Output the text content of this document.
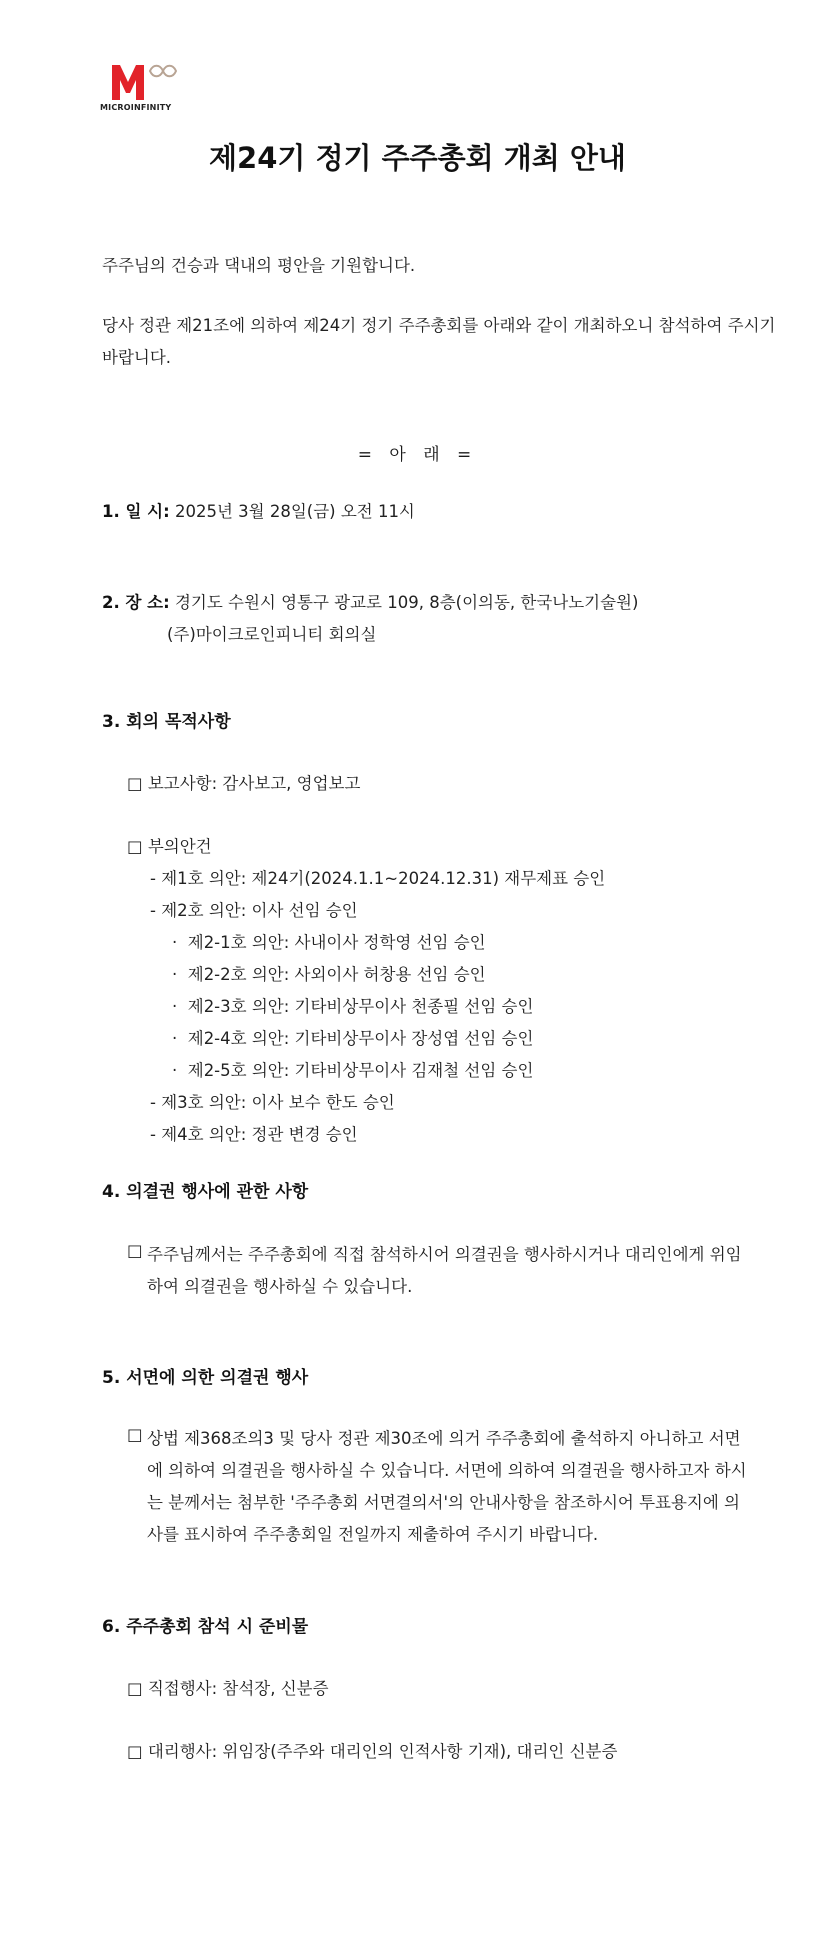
MICROINFINITY
제24기 정기 주주총회 개최 안내
주주님의 건승과 댁내의 평안을 기원합니다.
당사 정관 제21조에 의하여 제24기 정기 주주총회를 아래와 같이 개최하오니 참석하여 주시기
바랍니다.
= 아 래 =
1. 일 시: 2025년 3월 28일(금) 오전 11시
2. 장 소: 경기도 수원시 영통구 광교로 109, 8층(이의동, 한국나노기술원)
(주)마이크로인피니티 회의실
3. 회의 목적사항
□ 보고사항: 감사보고, 영업보고
□ 부의안건
- 제1호 의안: 제24기(2024.1.1~2024.12.31) 재무제표 승인
- 제2호 의안: 이사 선임 승인
· 제2-1호 의안: 사내이사 정학영 선임 승인
· 제2-2호 의안: 사외이사 허창용 선임 승인
· 제2-3호 의안: 기타비상무이사 천종필 선임 승인
· 제2-4호 의안: 기타비상무이사 장성엽 선임 승인
· 제2-5호 의안: 기타비상무이사 김재철 선임 승인
- 제3호 의안: 이사 보수 한도 승인
- 제4호 의안: 정관 변경 승인
4. 의결권 행사에 관한 사항
□ 주주님께서는 주주총회에 직접 참석하시어 의결권을 행사하시거나 대리인에게 위임
하여 의결권을 행사하실 수 있습니다.
5. 서면에 의한 의결권 행사
□ 상법 제368조의3 및 당사 정관 제30조에 의거 주주총회에 출석하지 아니하고 서면
에 의하여 의결권을 행사하실 수 있습니다. 서면에 의하여 의결권을 행사하고자 하시
는 분께서는 첨부한 '주주총회 서면결의서'의 안내사항을 참조하시어 투표용지에 의
사를 표시하여 주주총회일 전일까지 제출하여 주시기 바랍니다.
6. 주주총회 참석 시 준비물
□ 직접행사: 참석장, 신분증
□ 대리행사: 위임장(주주와 대리인의 인적사항 기재), 대리인 신분증
